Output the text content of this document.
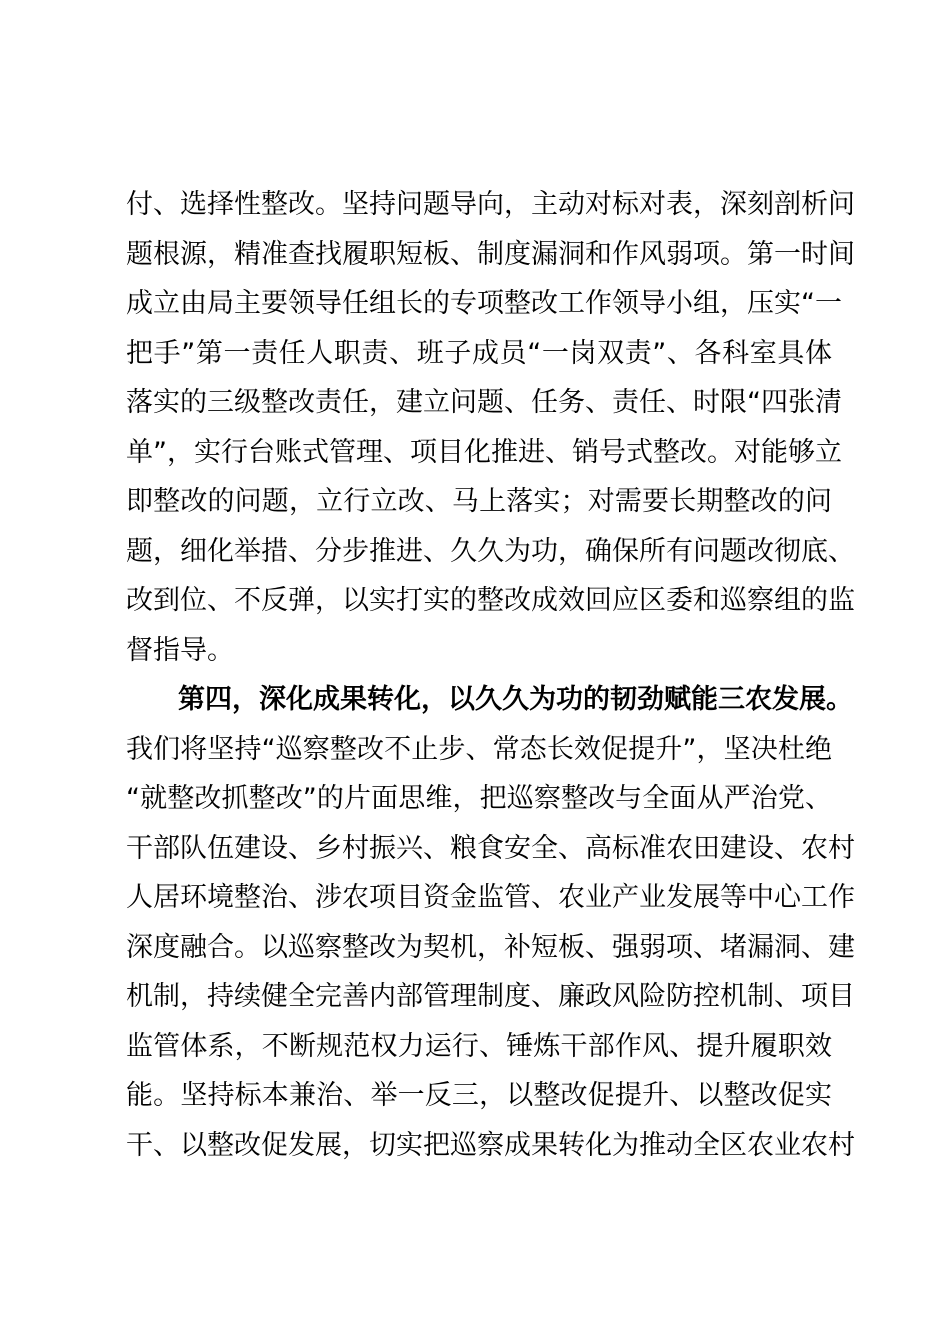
付、选择性整改。坚持问题导向，主动对标对表，深刻剖析问
题根源，精准查找履职短板、制度漏洞和作风弱项。第一时间
成立由局主要领导任组长的专项整改工作领导小组，压实“一
把手”第一责任人职责、班子成员“一岗双责”、各科室具体
落实的三级整改责任，建立问题、任务、责任、时限“四张清
单”，实行台账式管理、项目化推进、销号式整改。对能够立
即整改的问题，立行立改、马上落实；对需要长期整改的问
题，细化举措、分步推进、久久为功，确保所有问题改彻底、
改到位、不反弹，以实打实的整改成效回应区委和巡察组的监
督指导。
第四，深化成果转化，以久久为功的韧劲赋能三农发展。
我们将坚持“巡察整改不止步、常态长效促提升”，坚决杜绝
“就整改抓整改”的片面思维，把巡察整改与全面从严治党、
干部队伍建设、乡村振兴、粮食安全、高标准农田建设、农村
人居环境整治、涉农项目资金监管、农业产业发展等中心工作
深度融合。以巡察整改为契机，补短板、强弱项、堵漏洞、建
机制，持续健全完善内部管理制度、廉政风险防控机制、项目
监管体系，不断规范权力运行、锤炼干部作风、提升履职效
能。坚持标本兼治、举一反三，以整改促提升、以整改促实
干、以整改促发展，切实把巡察成果转化为推动全区农业农村
